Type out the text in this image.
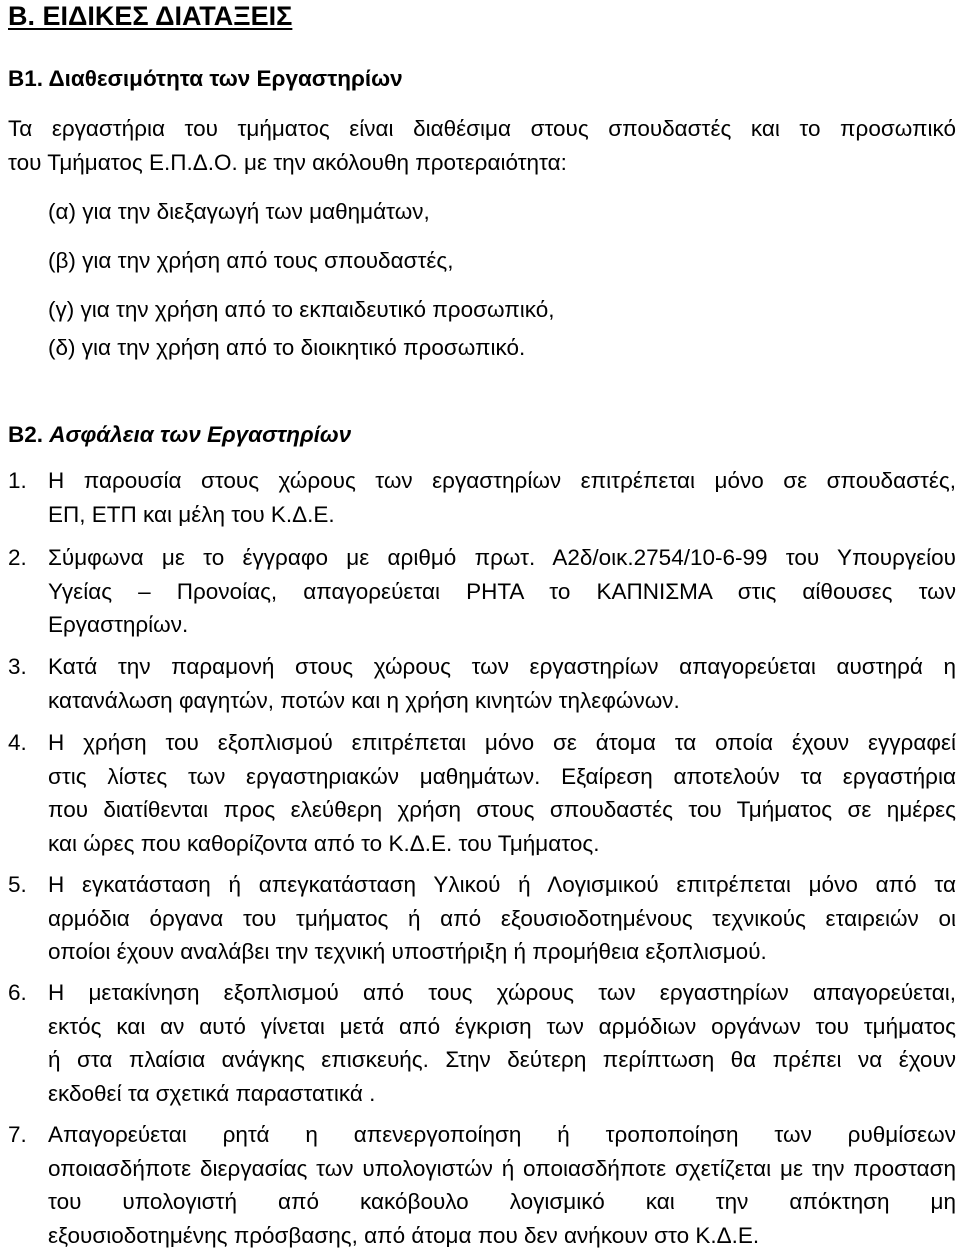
Β. ΕΙΔΙΚΕΣ ΔΙΑΤΑΞΕΙΣ
Β1. Διαθεσιμότητα των Εργαστηρίων
Τα εργαστήρια του τμήματος είναι διαθέσιμα στους σπουδαστές και το προσωπικό
του Τμήματος Ε.Π.Δ.Ο. με την ακόλουθη προτεραιότητα:
(α) για την διεξαγωγή των μαθημάτων,
(β) για την χρήση από τους σπουδαστές,
(γ) για την χρήση από το εκπαιδευτικό προσωπικό,
(δ) για την χρήση από το διοικητικό προσωπικό.
Β2. Ασφάλεια των Εργαστηρίων
1. Η παρουσία στους χώρους των εργαστηρίων επιτρέπεται μόνο σε σπουδαστές,
ΕΠ, ΕΤΠ και μέλη του Κ.Δ.Ε.
2. Σύμφωνα με το έγγραφο με αριθμό πρωτ. Α2δ/οικ.2754/10-6-99 του Υπουργείου
Υγείας – Προνοίας, απαγορεύεται ΡΗΤΑ το ΚΑΠΝΙΣΜΑ στις αίθουσες των
Εργαστηρίων.
3. Κατά την παραμονή στους χώρους των εργαστηρίων απαγορεύεται αυστηρά η
κατανάλωση φαγητών, ποτών και η χρήση κινητών τηλεφώνων.
4. Η χρήση του εξοπλισμού επιτρέπεται μόνο σε άτομα τα οποία έχουν εγγραφεί
στις λίστες των εργαστηριακών μαθημάτων. Εξαίρεση αποτελούν τα εργαστήρια
που διατίθενται προς ελεύθερη χρήση στους σπουδαστές του Τμήματος σε ημέρες
και ώρες που καθορίζοντα από το Κ.Δ.Ε. του Τμήματος.
5. Η εγκατάσταση ή απεγκατάσταση Υλικού ή Λογισμικού επιτρέπεται μόνο από τα
αρμόδια όργανα του τμήματος ή από εξουσιοδοτημένους τεχνικούς εταιρειών οι
οποίοι έχουν αναλάβει την τεχνική υποστήριξη ή προμήθεια εξοπλισμού.
6. Η μετακίνηση εξοπλισμού από τους χώρους των εργαστηρίων απαγορεύεται,
εκτός και αν αυτό γίνεται μετά από έγκριση των αρμόδιων οργάνων του τμήματος
ή στα πλαίσια ανάγκης επισκευής. Στην δεύτερη περίπτωση θα πρέπει να έχουν
εκδοθεί τα σχετικά παραστατικά .
7. Απαγορεύεται ρητά η απενεργοποίηση ή τροποποίηση των ρυθμίσεων
οποιασδήποτε διεργασίας των υπολογιστών ή οποιασδήποτε σχετίζεται με την προσταση
του υπολογιστή από κακόβουλο λογισμικό και την απόκτηση μη
εξουσιοδοτημένης πρόσβασης, από άτομα που δεν ανήκουν στο Κ.Δ.Ε.
